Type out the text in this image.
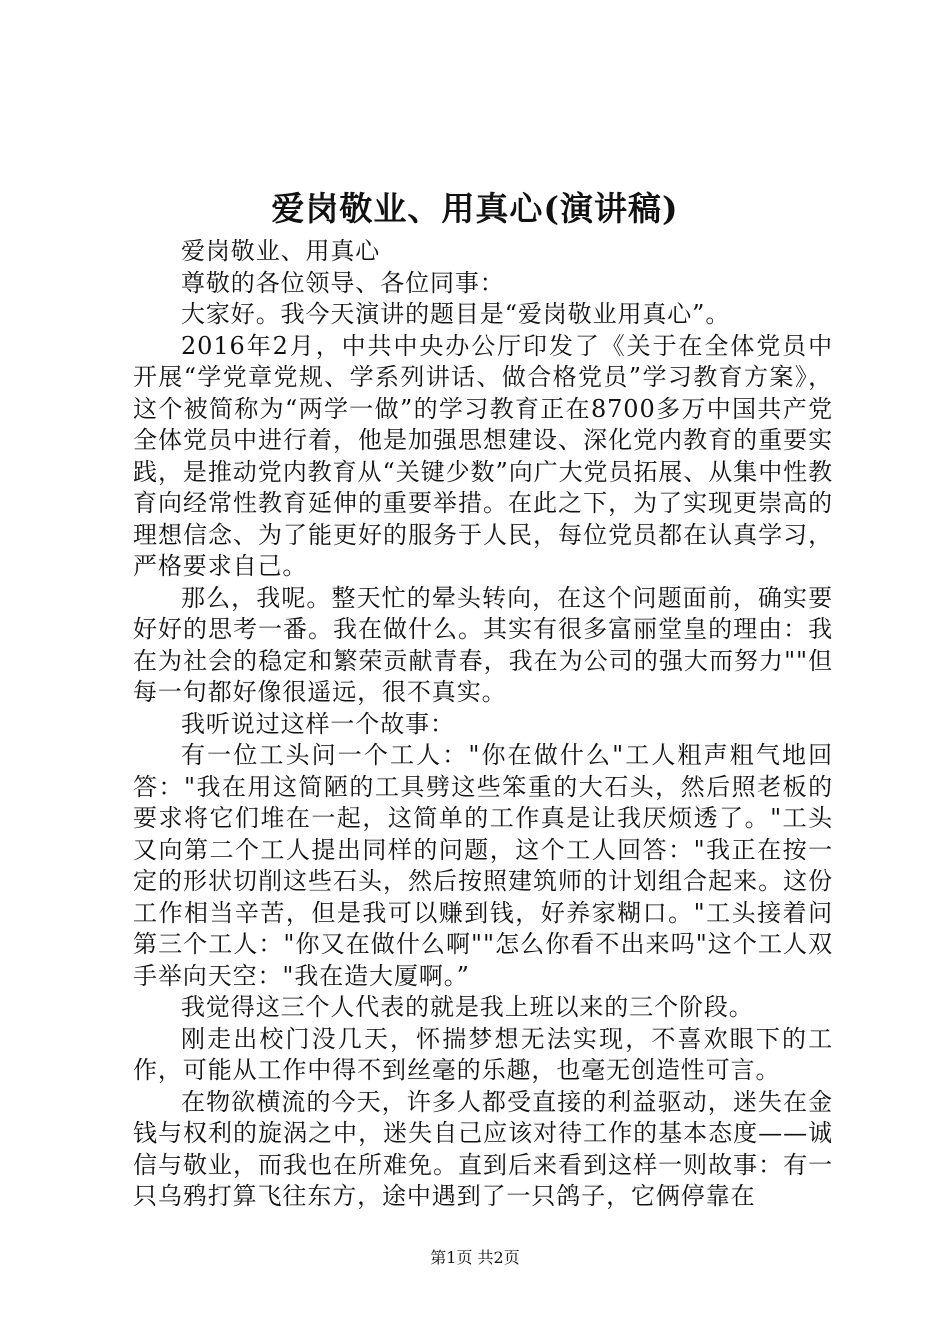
爱岗敬业、用真心(演讲稿)

爱岗敬业、用真心

尊敬的各位领导、各位同事：

大家好。我今天演讲的题目是“爱岗敬业用真心”。

2016年2月，中共中央办公厅印发了《关于在全体党员中开展“学党章党规、学系列讲话、做合格党员”学习教育方案》，这个被简称为“两学一做”的学习教育正在8700多万中国共产党全体党员中进行着，他是加强思想建设、深化党内教育的重要实践，是推动党内教育从“关键少数”向广大党员拓展、从集中性教育向经常性教育延伸的重要举措。在此之下，为了实现更崇高的理想信念、为了能更好的服务于人民，每位党员都在认真学习，严格要求自己。

那么，我呢。整天忙的晕头转向，在这个问题面前，确实要好好的思考一番。我在做什么。其实有很多富丽堂皇的理由：我在为社会的稳定和繁荣贡献青春，我在为公司的强大而努力""但每一句都好像很遥远，很不真实。

我听说过这样一个故事：

有一位工头问一个工人："你在做什么"工人粗声粗气地回答："我在用这简陋的工具劈这些笨重的大石头，然后照老板的要求将它们堆在一起，这简单的工作真是让我厌烦透了。"工头又向第二个工人提出同样的问题，这个工人回答："我正在按一定的形状切削这些石头，然后按照建筑师的计划组合起来。这份工作相当辛苦，但是我可以赚到钱，好养家糊口。"工头接着问第三个工人："你又在做什么啊""怎么你看不出来吗"这个工人双手举向天空："我在造大厦啊。”

我觉得这三个人代表的就是我上班以来的三个阶段。

刚走出校门没几天，怀揣梦想无法实现，不喜欢眼下的工作，可能从工作中得不到丝毫的乐趣，也毫无创造性可言。

在物欲横流的今天，许多人都受直接的利益驱动，迷失在金钱与权利的旋涡之中，迷失自己应该对待工作的基本态度——诚信与敬业，而我也在所难免。直到后来看到这样一则故事：有一只乌鸦打算飞往东方，途中遇到了一只鸽子，它俩停靠在

第1页 共2页
